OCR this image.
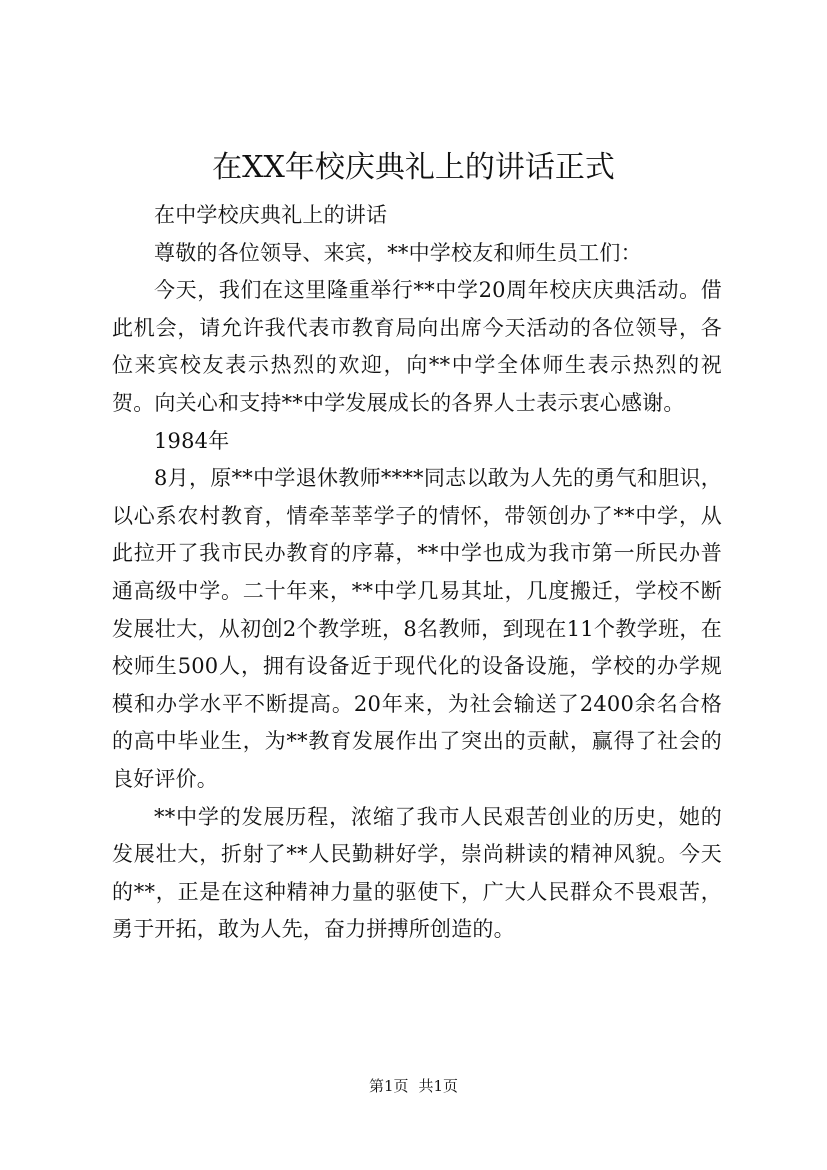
在XX年校庆典礼上的讲话正式

在中学校庆典礼上的讲话

尊敬的各位领导、来宾，**中学校友和师生员工们：

今天，我们在这里隆重举行**中学20周年校庆庆典活动。借此机会，请允许我代表市教育局向出席今天活动的各位领导，各位来宾校友表示热烈的欢迎，向**中学全体师生表示热烈的祝贺。向关心和支持**中学发展成长的各界人士表示衷心感谢。

1984年

8月，原**中学退休教师****同志以敢为人先的勇气和胆识，以心系农村教育，情牵莘莘学子的情怀，带领创办了**中学，从此拉开了我市民办教育的序幕，**中学也成为我市第一所民办普通高级中学。二十年来，**中学几易其址，几度搬迁，学校不断发展壮大，从初创2个教学班，8名教师，到现在11个教学班，在校师生500人，拥有设备近于现代化的设备设施，学校的办学规模和办学水平不断提高。20年来，为社会输送了2400余名合格的高中毕业生，为**教育发展作出了突出的贡献，赢得了社会的良好评价。

**中学的发展历程，浓缩了我市人民艰苦创业的历史，她的发展壮大，折射了**人民勤耕好学，崇尚耕读的精神风貌。今天的**，正是在这种精神力量的驱使下，广大人民群众不畏艰苦，勇于开拓，敢为人先，奋力拼搏所创造的。

第1页 共1页
